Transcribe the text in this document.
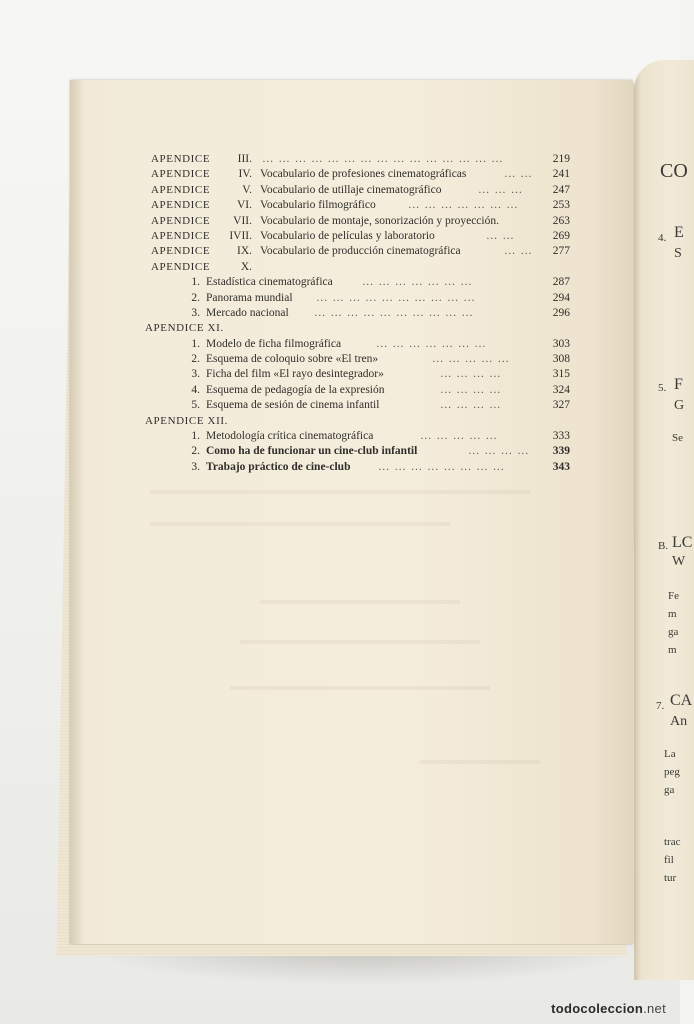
CO
4. E
S
5. F
G
Se
B. LC
W
Fe
m
ga
m
7. CA
An
La
peg
ga
trac
fil
tur
APENDICE	III. … … … … … … … … … … … … … … …	219
APENDICE	IV. Vocabulario de profesiones cinematográficas	… …	241
APENDICE	V. Vocabulario de utillaje cinematográfico	… … …	247
APENDICE	VI. Vocabulario filmográfico	… … … … … … …	253
APENDICE	VII. Vocabulario de montaje, sonorización y proyección.	263
APENDICE	IVII. Vocabulario de películas y laboratorio	… …	269
APENDICE	IX. Vocabulario de producción cinematográfica	… …	277
APENDICE	X.
1. Estadística cinematográfica	… … … … … … …	287
2. Panorama mundial … … … … … … … … … …	294
3. Mercado nacional … … … … … … … … … …	296
APENDICE XI.
1. Modelo de ficha filmográfica	… … … … … … …	303
2. Esquema de coloquio sobre «El tren»	… … … … …	308
3. Ficha del film «El rayo desintegrador»	… … … …	315
4. Esquema de pedagogía de la expresión	… … … …	324
5. Esquema de sesión de cinema infantil	… … … …	327
APENDICE XII.
1. Metodología crítica cinematográfica	… … … … …	333
2. Como ha de funcionar un cine-club infantil	… … … …	339
3. Trabajo práctico de cine-club … … … … … … … …	343
todocoleccion.net
